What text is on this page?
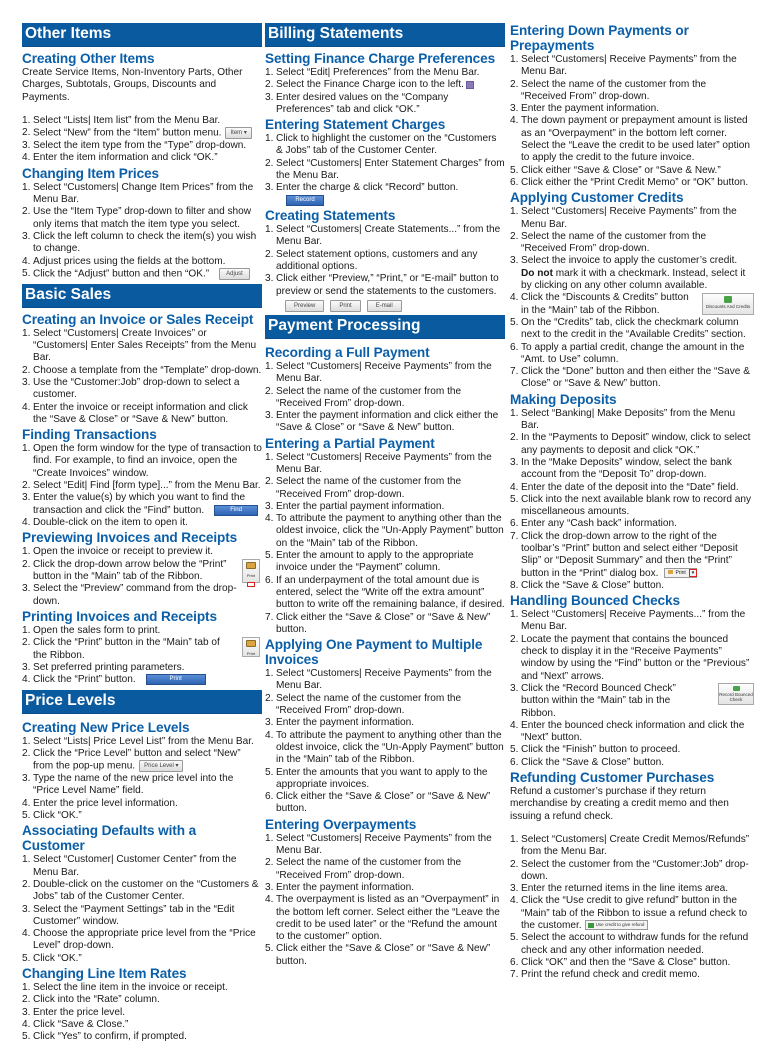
Other Items
Creating Other Items
Create Service Items, Non-Inventory Parts, Other Charges, Subtotals, Groups, Discounts and Payments.
1. Select “Lists| Item list” from the Menu Bar.
2. Select “New” from the “Item” button menu. Item ▾
3. Select the item type from the “Type” drop-down.
4. Enter the item information and click “OK.”
Changing Item Prices
1. Select “Customers| Change Item Prices” from the Menu Bar.
2. Use the “Item Type” drop-down to filter and show only items that match the item type you select.
3. Click the left column to check the item(s) you wish to change.
4. Adjust prices using the fields at the bottom.
5. Click the “Adjust” button and then “OK.”	Adjust
Basic Sales
Creating an Invoice or Sales Receipt
1. Select “Customers| Create Invoices” or “Customers| Enter Sales Receipts” from the Menu Bar.
2. Choose a template from the “Template” drop-down.
3. Use the “Customer:Job” drop-down to select a customer.
4. Enter the invoice or receipt information and click the “Save & Close” or “Save & New” button.
Finding Transactions
1. Open the form window for the type of transaction to find. For example, to find an invoice, open the “Create Invoices” window.
2. Select “Edit| Find [form type]...” from the Menu Bar.
3. Enter the value(s) by which you want to find the transaction and click the “Find” button.	Find
4. Double-click on the item to open it.
Previewing Invoices and Receipts
1. Open the invoice or receipt to preview it.
2. Click the drop-down arrow below the “Print” button in the “Main” tab of the Ribbon.	Print
3. Select the “Preview” command from the drop-down.
Printing Invoices and Receipts
1. Open the sales form to print.
2. Click the “Print” button in the “Main” tab of the Ribbon.	Print
3. Set preferred printing parameters.
4. Click the “Print” button.	Print
Price Levels
Creating New Price Levels
1. Select “Lists| Price Level List” from the Menu Bar.
2. Click the “Price Level” button and select “New” from the pop-up menu. Price Level ▾
3. Type the name of the new price level into the “Price Level Name” field.
4. Enter the price level information.
5. Click “OK.”
Associating Defaults with a Customer
1. Select “Customer| Customer Center” from the Menu Bar.
2. Double-click on the customer on the “Customers & Jobs” tab of the Customer Center.
3. Select the “Payment Settings” tab in the “Edit Customer” window.
4. Choose the appropriate price level from the “Price Level” drop-down.
5. Click “OK.”
Changing Line Item Rates
1. Select the line item in the invoice or receipt.
2. Click into the “Rate” column.
3. Enter the price level.
4. Click “Save & Close.”
5. Click “Yes” to confirm, if prompted.
Billing Statements
Setting Finance Charge Preferences
1. Select “Edit| Preferences” from the Menu Bar.
2. Select the Finance Charge icon to the left.
3. Enter desired values on the “Company Preferences” tab and click “OK.”
Entering Statement Charges
1. Click to highlight the customer on the “Customers & Jobs” tab of the Customer Center.
2. Select “Customers| Enter Statement Charges” from the Menu Bar.
3. Enter the charge & click “Record” button.Record
Creating Statements
1. Select “Customers| Create Statements...” from the Menu Bar.
2. Select statement options, customers and any additional options.
3. Click either “Preview,” “Print,” or “E-mail” button to preview or send the statements to the customers.
Preview	Print	E-mail
Payment Processing
Recording a Full Payment
1. Select “Customers| Receive Payments” from the Menu Bar.
2. Select the name of the customer from the “Received From” drop-down.
3. Enter the payment information and click either the “Save & Close” or “Save & New” button.
Entering a Partial Payment
1. Select “Customers| Receive Payments” from the Menu Bar.
2. Select the name of the customer from the “Received From” drop-down.
3. Enter the partial payment information.
4. To attribute the payment to anything other than the oldest invoice, click the “Un-Apply Payment” button on the “Main” tab of the Ribbon.
5. Enter the amount to apply to the appropriate invoice under the “Payment” column.
6. If an underpayment of the total amount due is entered, select the “Write off the extra amount” button to write off the remaining balance, if desired.
7. Click either the “Save & Close” or “Save & New” button.
Applying One Payment to Multiple Invoices
1. Select “Customers| Receive Payments” from the Menu Bar.
2. Select the name of the customer from the “Received From” drop-down.
3. Enter the payment information.
4. To attribute the payment to anything other than the oldest invoice, click the “Un-Apply Payment” button in the “Main” tab of the Ribbon.
5. Enter the amounts that you want to apply to the appropriate invoices.
6. Click either the “Save & Close” or “Save & New” button.
Entering Overpayments
1. Select “Customers| Receive Payments” from the Menu Bar.
2. Select the name of the customer from the “Received From” drop-down.
3. Enter the payment information.
4. The overpayment is listed as an “Overpayment” in the bottom left corner. Select either the “Leave the credit to be used later” or the “Refund the amount to the customer” option.
5. Click either the “Save & Close” or “Save & New” button.
Entering Down Payments or Prepayments
1. Select “Customers| Receive Payments” from the Menu Bar.
2. Select the name of the customer from the “Received From” drop-down.
3. Enter the payment information.
4. The down payment or prepayment amount is listed as an “Overpayment” in the bottom left corner. Select the “Leave the credit to be used later” option to apply the credit to the future invoice.
5. Click either “Save & Close” or “Save & New.”
6. Click either the “Print Credit Memo” or “OK” button.
Applying Customer Credits
1. Select “Customers| Receive Payments” from the Menu Bar.
2. Select the name of the customer from the “Received From” drop-down.
3. Select the invoice to apply the customer’s credit.
Do not mark it with a checkmark. Instead, select it by clicking on any other column available.
4. Click the “Discounts & Credits” button in the “Main” tab of the Ribbon.	Discounts And Credits
5. On the “Credits” tab, click the checkmark column next to the credit in the “Available Credits” section.
6. To apply a partial credit, change the amount in the “Amt. to Use” column.
7. Click the “Done” button and then either the “Save & Close” or “Save & New” button.
Making Deposits
1. Select “Banking| Make Deposits” from the Menu Bar.
2. In the “Payments to Deposit” window, click to select any payments to deposit and click “OK.”
3. In the “Make Deposits” window, select the bank account from the “Deposit To” drop-down.
4. Enter the date of the deposit into the “Date” field.
5. Click into the next available blank row to record any miscellaneous amounts.
6. Enter any “Cash back” information.
7. Click the drop-down arrow to the right of the toolbar’s “Print” button and select either “Deposit Slip” or “Deposit Summary” and then the “Print” button in the “Print” dialog box.	Print ▾
8. Click the “Save & Close” button.
Handling Bounced Checks
1. Select “Customers| Receive Payments...” from the Menu Bar.
2. Locate the payment that contains the bounced check to display it in the “Receive Payments” window by using the “Find” button or the “Previous” and “Next” arrows.
3. Click the “Record Bounced Check” button within the “Main” tab in the Ribbon.
Record Bounced Check
4. Enter the bounced check information and click the “Next” button.
5. Click the “Finish” button to proceed.
6. Click the “Save & Close” button.
Refunding Customer Purchases
Refund a customer’s purchase if they return merchandise by creating a credit memo and then issuing a refund check.
1. Select “Customers| Create Credit Memos/Refunds” from the Menu Bar.
2. Select the customer from the “Customer:Job” drop-down.
3. Enter the returned items in the line items area.
4. Click the “Use credit to give refund” button in the “Main” tab of the Ribbon to issue a refund check to the customer.	Use credit to give refund
5. Select the account to withdraw funds for the refund check and any other information needed.
6. Click “OK” and then the “Save & Close” button.
7. Print the refund check and credit memo.
